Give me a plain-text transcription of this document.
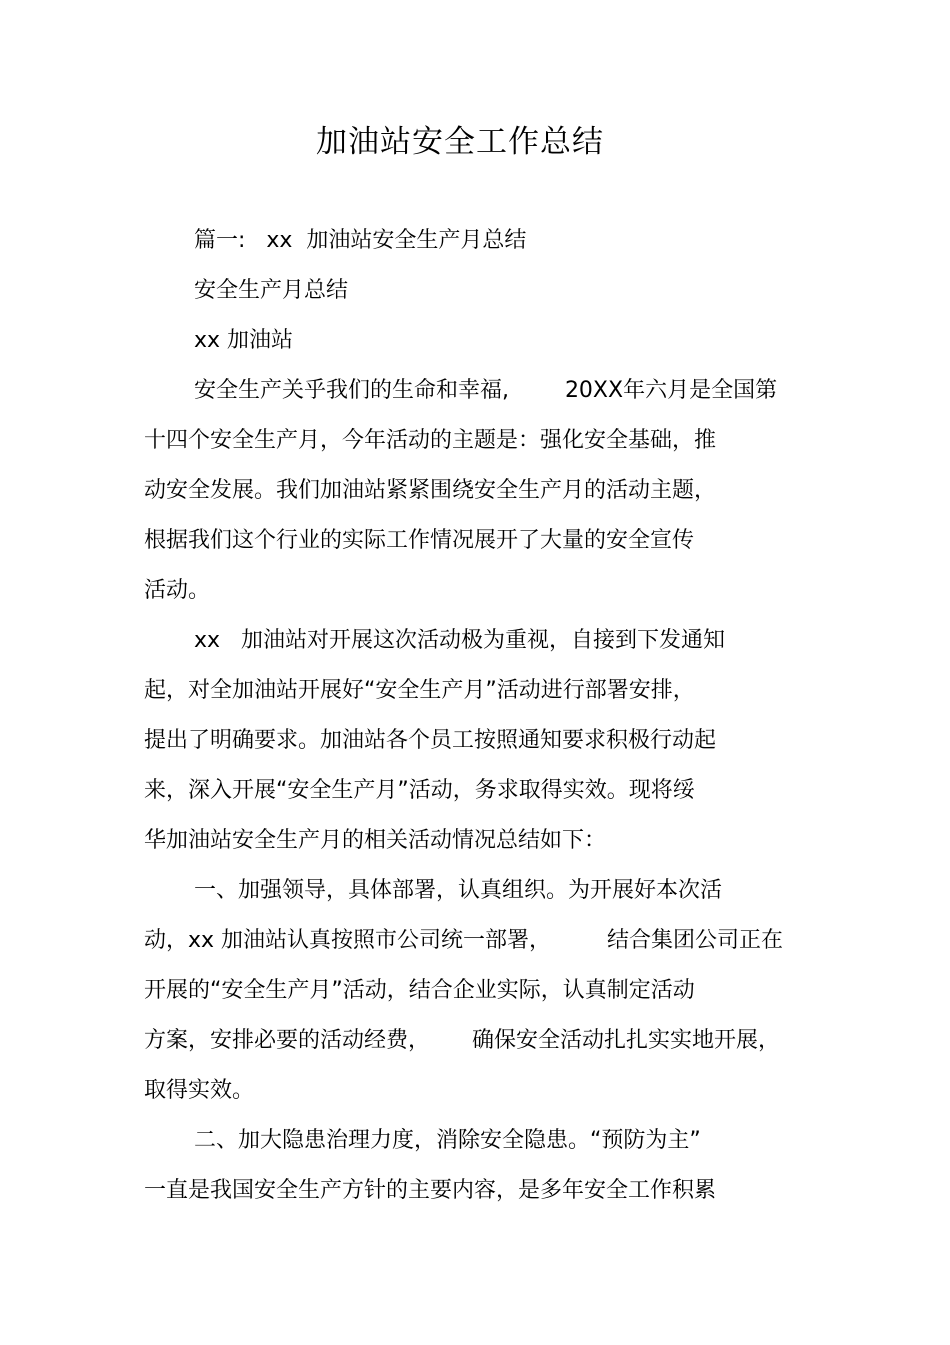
加油站安全工作总结
篇一:   xx  加油站安全生产月总结
安全生产月总结
xx 加油站
安全生产关乎我们的生命和幸福,        20XX年六月是全国第
十四个安全生产月，今年活动的主题是：强化安全基础，推
动安全发展。我们加油站紧紧围绕安全生产月的活动主题，
根据我们这个行业的实际工作情况展开了大量的安全宣传
活动。
xx   加油站对开展这次活动极为重视，自接到下发通知
起，对全加油站开展好“安全生产月”活动进行部署安排，
提出了明确要求。加油站各个员工按照通知要求积极行动起
来，深入开展“安全生产月”活动，务求取得实效。现将绥
华加油站安全生产月的相关活动情况总结如下：
一、加强领导，具体部署，认真组织。为开展好本次活
动，xx 加油站认真按照市公司统一部署，        结合集团公司正在
开展的“安全生产月”活动，结合企业实际，认真制定活动
方案，安排必要的活动经费，      确保安全活动扎扎实实地开展，
取得实效。
二、加大隐患治理力度，消除安全隐患。“预防为主”
一直是我国安全生产方针的主要内容，是多年安全工作积累
